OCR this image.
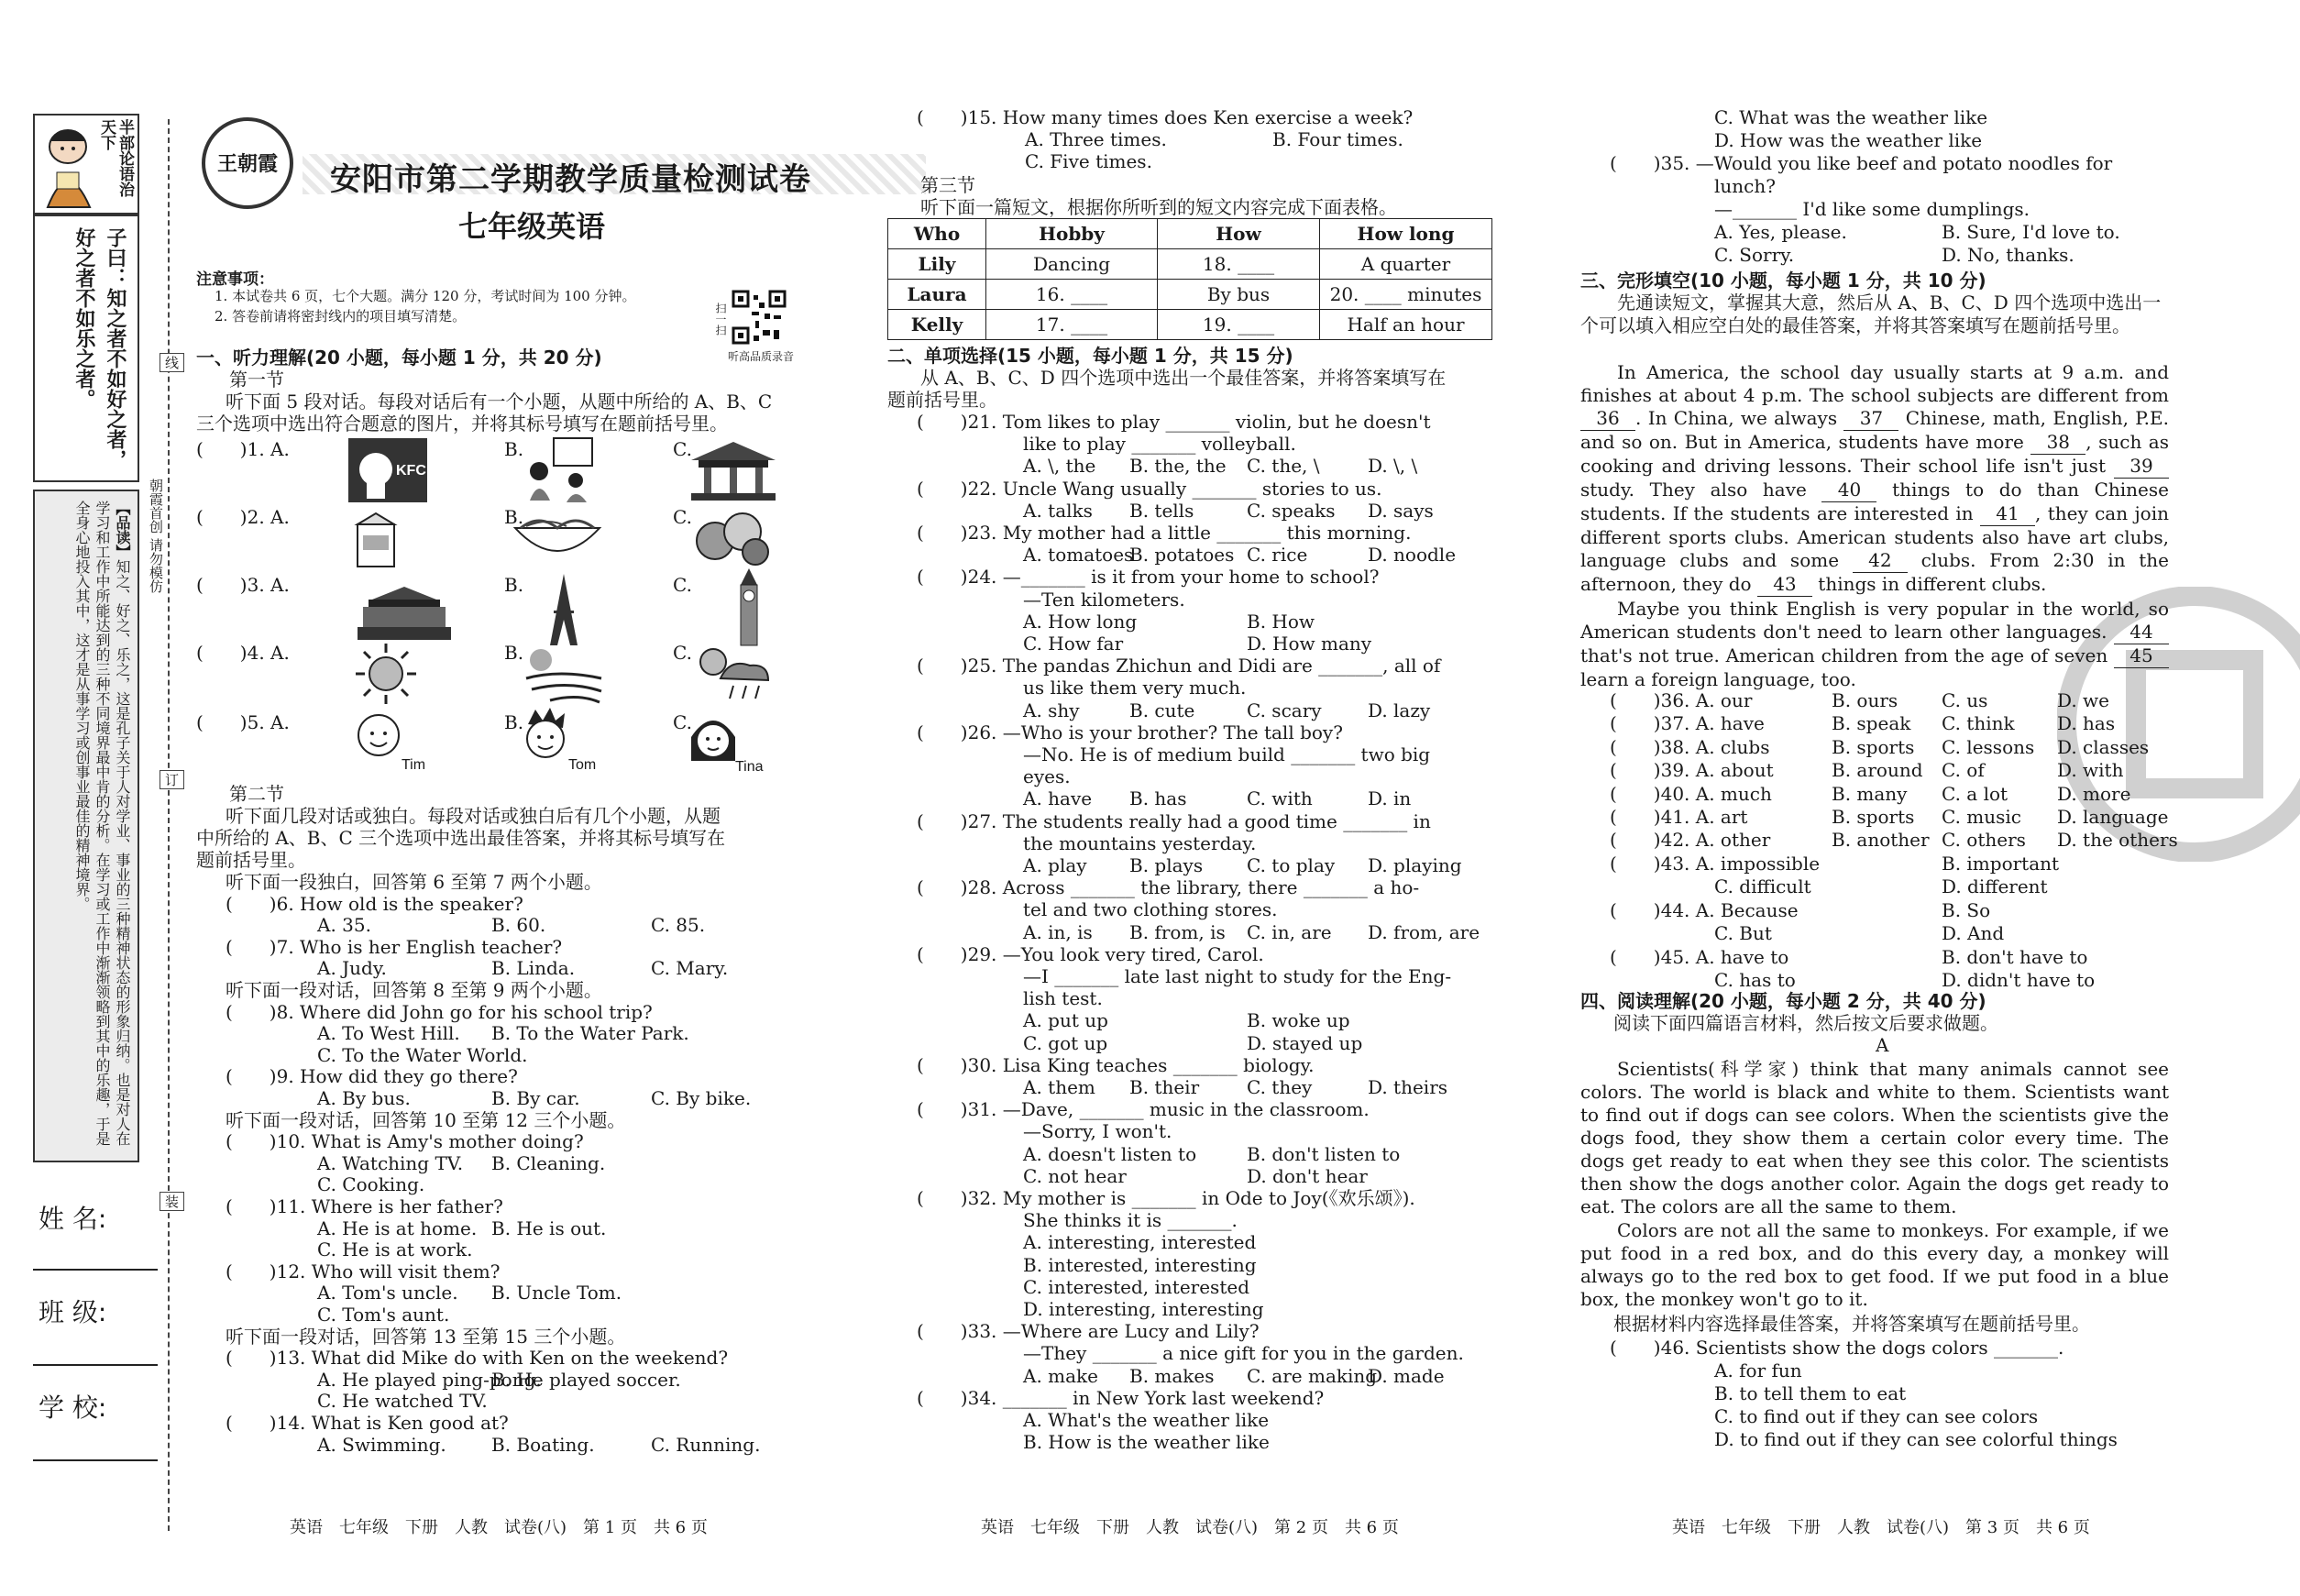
半部论语治天下
子曰：知之者不如好之者，好之者不如乐之者。
【品读】知之、好之、乐之，这是孔子关于人对学业、事业的三种精神状态的形象归纳。也是对人在学习和工作中所能达到的三种不同境界最中肯的分析。在学习或工作中渐渐领略到其中的乐趣，于是全身心地投入其中，这才是从事学习或创事业最佳的精神境界。	朝霞首创 请勿模仿
线
订
装
姓 名:
班 级:
学 校:
王朝霞	安阳市第二学期教学质量检测试卷
七年级英语
注意事项：
1. 本试卷共 6 页，七个大题。满分 120 分，考试时间为 100 分钟。
2. 答卷前请将密封线内的项目填写清楚。	扫一扫
听高品质录音
一、听力理解(20 小题，每小题 1 分，共 20 分)
第一节
听下面 5 段对话。每段对话后有一个小题，从题中所给的 A、B、C
三个选项中选出符合题意的图片，并将其标号填写在题前括号里。
(　　)1. A.	B.	C.
(　　)2. A.	B.	C.
(　　)3. A.	B.	C.
(　　)4. A.	B.	C.
(　　)5. A.	B.	C.
KFC
Tim	Tom	Tina
第二节
听下面几段对话或独白。每段对话或独白后有几个小题，从题
中所给的 A、B、C 三个选项中选出最佳答案，并将其标号填写在
题前括号里。
听下面一段独白，回答第 6 至第 7 两个小题。
(　　)6. How old is the speaker?
A. 35.	B. 60.	C. 85.
(　　)7. Who is her English teacher?
A. Judy.	B. Linda.	C. Mary.
听下面一段对话，回答第 8 至第 9 两个小题。
(　　)8. Where did John go for his school trip?
A. To West Hill. B. To the Water Park.
C. To the Water World.
(　　)9. How did they go there?
A. By bus.	B. By car.	C. By bike.
听下面一段对话，回答第 10 至第 12 三个小题。
(　　)10. What is Amy's mother doing?
A. Watching TV. B. Cleaning.
C. Cooking.
(　　)11. Where is her father?
A. He is at home. B. He is out.
C. He is at work.
(　　)12. Who will visit them?
A. Tom's uncle. B. Uncle Tom.
C. Tom's aunt.
听下面一段对话，回答第 13 至第 15 三个小题。
(　　)13. What did Mike do with Ken on the weekend?
A. He played ping-pong.
B. He played soccer.
C. He watched TV.
(　　)14. What is Ken good at?
A. Swimming. B. Boating.	C. Running.
英语　七年级　下册　人教　试卷(八)　第 1 页　共 6 页
(　　)15. How many times does Ken exercise a week?
A. Three times.	B. Four times.
C. Five times.
第三节
听下面一篇短文，根据你所听到的短文内容完成下面表格。
Who	Hobby	How	How long
Lily	Dancing	18. ____	A quarter
Laura	16. ____	By bus	20. ____ minutes
Kelly	17. ____	19. ____	Half an hour
二、单项选择(15 小题，每小题 1 分，共 15 分)
从 A、B、C、D 四个选项中选出一个最佳答案，并将答案填写在
题前括号里。
(　　)21. Tom likes to play _______ violin, but he doesn't
like to play _______ volleyball.
A. \, the B. the, the C. the, \	D. \, \
(　　)22. Uncle Wang usually _______ stories to us.
A. talks B. tells	C. speaks D. says
(　　)23. My mother had a little _______ this morning.
A. tomatoes
B. potatoes C. rice	D. noodle
(　　)24. —_______ is it from your home to school?
—Ten kilometers.
A. How long	B. How
C. How far	D. How many
(　　)25. The pandas Zhichun and Didi are _______, all of
us like them very much.
A. shy	B. cute	C. scary	D. lazy
(　　)26. —Who is your brother? The tall boy?
—No. He is of medium build _______ two big
eyes.
A. have B. has	C. with	D. in
(　　)27. The students really had a good time _______ in
the mountains yesterday.
A. play B. plays C. to play D. playing
(　　)28. Across _______ the library, there _______ a ho-
tel and two clothing stores.
A. in, is B. from, is C. in, are D. from, are
(　　)29. —You look very tired, Carol.
—I _______ late last night to study for the Eng-
lish test.
A. put up	B. woke up
C. got up	D. stayed up
(　　)30. Lisa King teaches _______ biology.
A. them B. their	C. they	D. theirs
(　　)31. —Dave, _______ music in the classroom.
—Sorry, I won't.
A. doesn't listen to	B. don't listen to
C. not hear	D. don't hear
(　　)32. My mother is _______ in Ode to Joy(《欢乐颂》).
She thinks it is _______.
A. interesting, interested
B. interested, interesting
C. interested, interested
D. interesting, interesting
(　　)33. —Where are Lucy and Lily?
—They _______ a nice gift for you in the garden.
A. make B. makes C. are making
D. made
(　　)34. _______ in New York last weekend?
A. What's the weather like
B. How is the weather like
英语　七年级　下册　人教　试卷(八)　第 2 页　共 6 页
C. What was the weather like
D. How was the weather like
(　　)35. —Would you like beef and potato noodles for
lunch?
—_______ I'd like some dumplings.
A. Yes, please.	B. Sure, I'd love to.
C. Sorry.	D. No, thanks.
三、完形填空(10 小题，每小题 1 分，共 10 分)
先通读短文，掌握其大意，然后从 A、B、C、D 四个选项中选出一个可以填入相应空白处的最佳答案，并将其答案填写在题前括号里。
In America, the school day usually starts at 9 a.m. and finishes at about 4 p.m. The school subjects are different from 36 . In China, we always 37 Chinese, math, English, P.E. and so on. But in America, students have more 38 , such as cooking and driving lessons. Their school life isn't just 39 study. They also have 40 things to do than Chinese students. If the students are interested in 41 , they can join different sports clubs. American students also have art clubs, language clubs and some 42 clubs. From 2:30 in the afternoon, they do 43 things in different clubs.
Maybe you think English is very popular in the world, so American students don't need to learn other languages. 44 that's not true. American children from the age of seven 45 learn a foreign language, too.
(　　)36. A. our	B. ours C. us	D. we
(　　)37. A. have	B. speak C. think D. has
(　　)38. A. clubs	B. sports C. lessons D. classes
(　　)39. A. about	B. around C. of	D. with
(　　)40. A. much	B. many C. a lot	D. more
(　　)41. A. art	B. sports C. music D. language
(　　)42. A. other	B. another C. others D. the others
(　　)43. A. impossible	B. important
C. difficult	D. different
(　　)44. A. Because	B. So
C. But	D. And
(　　)45. A. have to	B. don't have to
C. has to	D. didn't have to
四、阅读理解(20 小题，每小题 2 分，共 40 分)
阅读下面四篇语言材料，然后按文后要求做题。
A
Scientists(科学家) think that many animals cannot see colors. The world is black and white to them. Scientists want to find out if dogs can see colors. When the scientists give the dogs food, they show them a certain color every time. The dogs get ready to eat when they see this color. The scientists then show the dogs another color. Again the dogs get ready to eat. The colors are all the same to them.
Colors are not all the same to monkeys. For example, if we put food in a red box, and do this every day, a monkey will always go to the red box to get food. If we put food in a blue box, the monkey won't go to it.
根据材料内容选择最佳答案，并将答案填写在题前括号里。
(　　)46. Scientists show the dogs colors _______.
A. for fun
B. to tell them to eat
C. to find out if they can see colors
D. to find out if they can see colorful things
英语　七年级　下册　人教　试卷(八)　第 3 页　共 6 页
